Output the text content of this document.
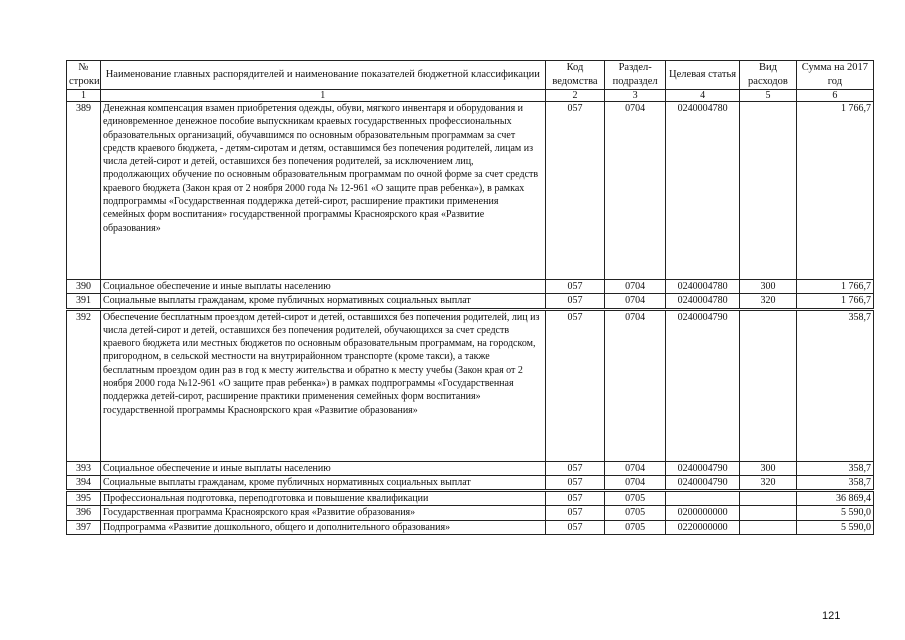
№ строки	Наименование главных распорядителей и наименование показателей бюджетной классификации	Код ведомства	Раздел-подраздел	Целевая статья	Вид расходов	Сумма на 2017 год
1	1	2	3	4	5	6
389	Денежная компенсация взамен приобретения одежды, обуви, мягкого инвентаря и оборудования и единовременное денежное пособие выпускникам краевых государственных профессиональных образовательных организаций, обучавшимся по основным образовательным программам за счет средств краевого бюджета, - детям-сиротам и детям, оставшимся без попечения родителей, лицам из числа детей-сирот и детей, оставшихся без попечения родителей, за исключением лиц, продолжающих обучение по основным образовательным программам по очной форме за счет средств краевого бюджета (Закон края от 2 ноября 2000 года № 12-961 «О защите прав ребенка»), в рамках подпрограммы «Государственная поддержка детей-сирот, расширение практики применения семейных форм воспитания» государственной программы Красноярского края «Развитие образования»	057	0704	0240004780		1 766,7
390	Социальное обеспечение и иные выплаты населению	057	0704	0240004780	300	1 766,7
391	Социальные выплаты гражданам, кроме публичных нормативных социальных выплат	057	0704	0240004780	320	1 766,7
392	Обеспечение бесплатным проездом детей-сирот и детей, оставшихся без попечения родителей, лиц из числа детей-сирот и детей, оставшихся без попечения родителей, обучающихся за счет средств краевого бюджета или местных бюджетов по основным образовательным программам, на городском, пригородном, в сельской местности на внутрирайонном транспорте (кроме такси), а также бесплатным проездом один раз в год к месту жительства и обратно к месту учебы (Закон края от 2 ноября 2000 года №12-961 «О защите прав ребенка») в рамках подпрограммы «Государственная поддержка детей-сирот, расширение практики применения семейных форм воспитания» государственной программы Красноярского края «Развитие образования»	057	0704	0240004790		358,7
393	Социальное обеспечение и иные выплаты населению	057	0704	0240004790	300	358,7
394	Социальные выплаты гражданам, кроме публичных нормативных социальных выплат	057	0704	0240004790	320	358,7
395	Профессиональная подготовка, переподготовка и повышение квалификации	057	0705			36 869,4
396	Государственная программа Красноярского края «Развитие образования»	057	0705	0200000000		5 590,0
397	Подпрограмма «Развитие дошкольного, общего и дополнительного образования»	057	0705	0220000000		5 590,0
121
